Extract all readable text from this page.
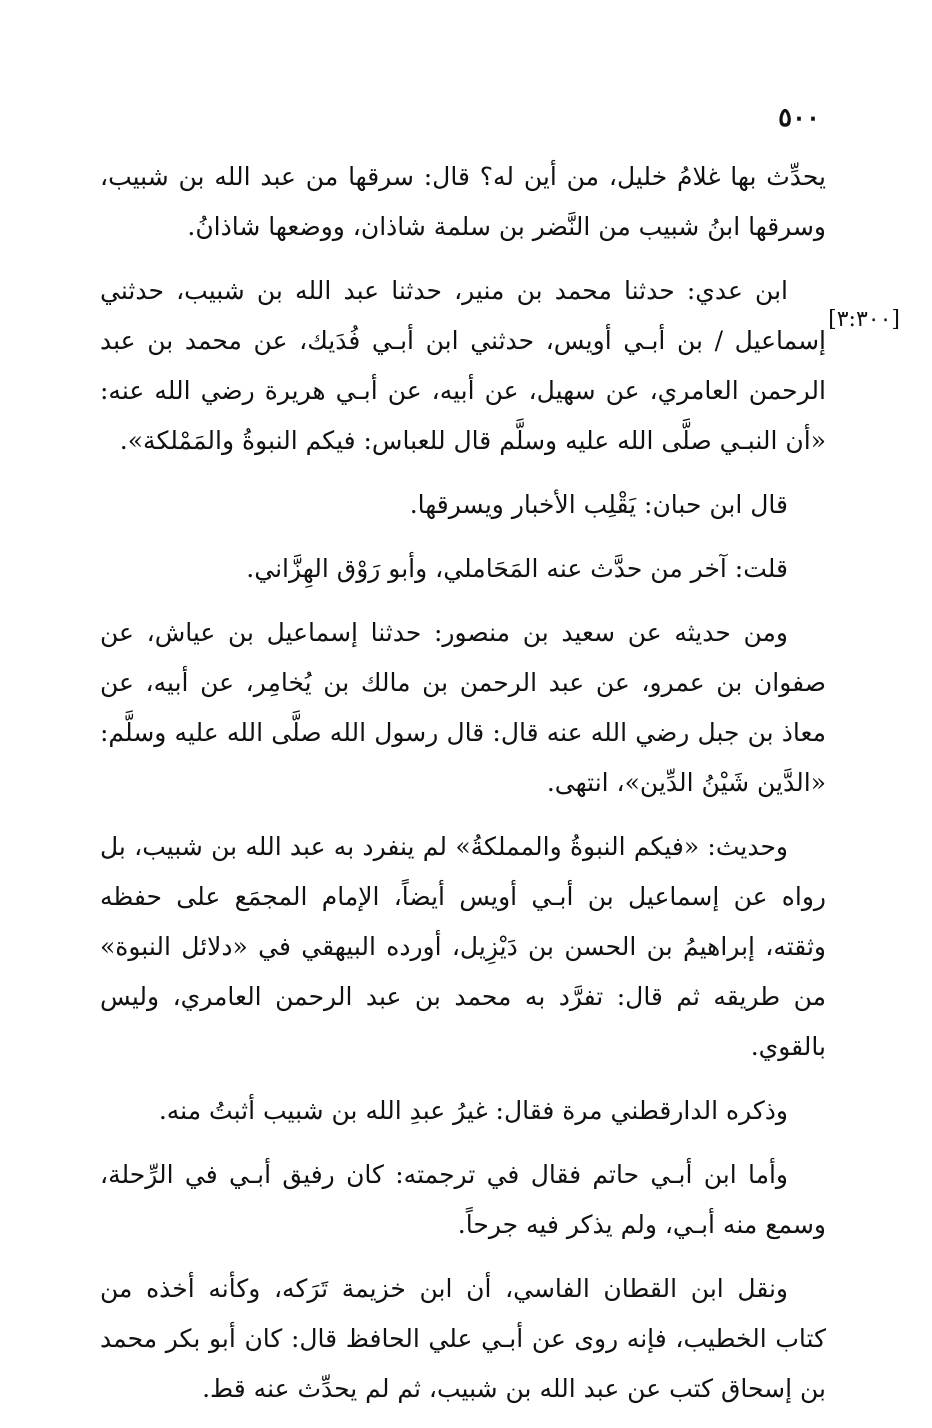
٥٠٠
[٣:٣٠٠]

يحدِّث بها غلامُ خليل، من أين له؟ قال: سرقها من عبد الله بن شبيب، وسرقها ابنُ شبيب من النَّضر بن سلمة شاذان، ووضعها شاذانُ.

ابن عدي: حدثنا محمد بن منير، حدثنا عبد الله بن شبيب، حدثني إسماعيل / بن أبـي أويس، حدثني ابن أبـي فُدَيك، عن محمد بن عبد الرحمن العامري، عن سهيل، عن أبيه، عن أبـي هريرة رضي الله عنه: «أن النبـي صلَّى الله عليه وسلَّم قال للعباس: فيكم النبوةُ والمَمْلكة».

قال ابن حبان: يَقْلِب الأخبار ويسرقها.

قلت: آخر من حدَّث عنه المَحَاملي، وأبو رَوْق الهِزَّاني.

ومن حديثه عن سعيد بن منصور: حدثنا إسماعيل بن عياش، عن صفوان بن عمرو، عن عبد الرحمن بن مالك بن يُخامِر، عن أبيه، عن معاذ بن جبل رضي الله عنه قال: قال رسول الله صلَّى الله عليه وسلَّم: «الدَّين شَيْنُ الدِّين»، انتهى.

وحديث: «فيكم النبوةُ والمملكةُ» لم ينفرد به عبد الله بن شبيب، بل رواه عن إسماعيل بن أبـي أويس أيضاً، الإمام المجمَع على حفظه وثقته، إبراهيمُ بن الحسن بن دَيْزِيل، أورده البيهقي في «دلائل النبوة» من طريقه ثم قال: تفرَّد به محمد بن عبد الرحمن العامري، وليس بالقوي.

وذكره الدارقطني مرة فقال: غيرُ عبدِ الله بن شبيب أثبتُ منه.

وأما ابن أبـي حاتم فقال في ترجمته: كان رفيق أبـي في الرِّحلة، وسمع منه أبـي، ولم يذكر فيه جرحاً.

ونقل ابن القطان الفاسي، أن ابن خزيمة تَرَكه، وكأنه أخذه من كتاب الخطيب، فإنه روى عن أبـي علي الحافظ قال: كان أبو بكر محمد بن إسحاق كتب عن عبد الله بن شبيب، ثم لم يحدِّث عنه قط.
